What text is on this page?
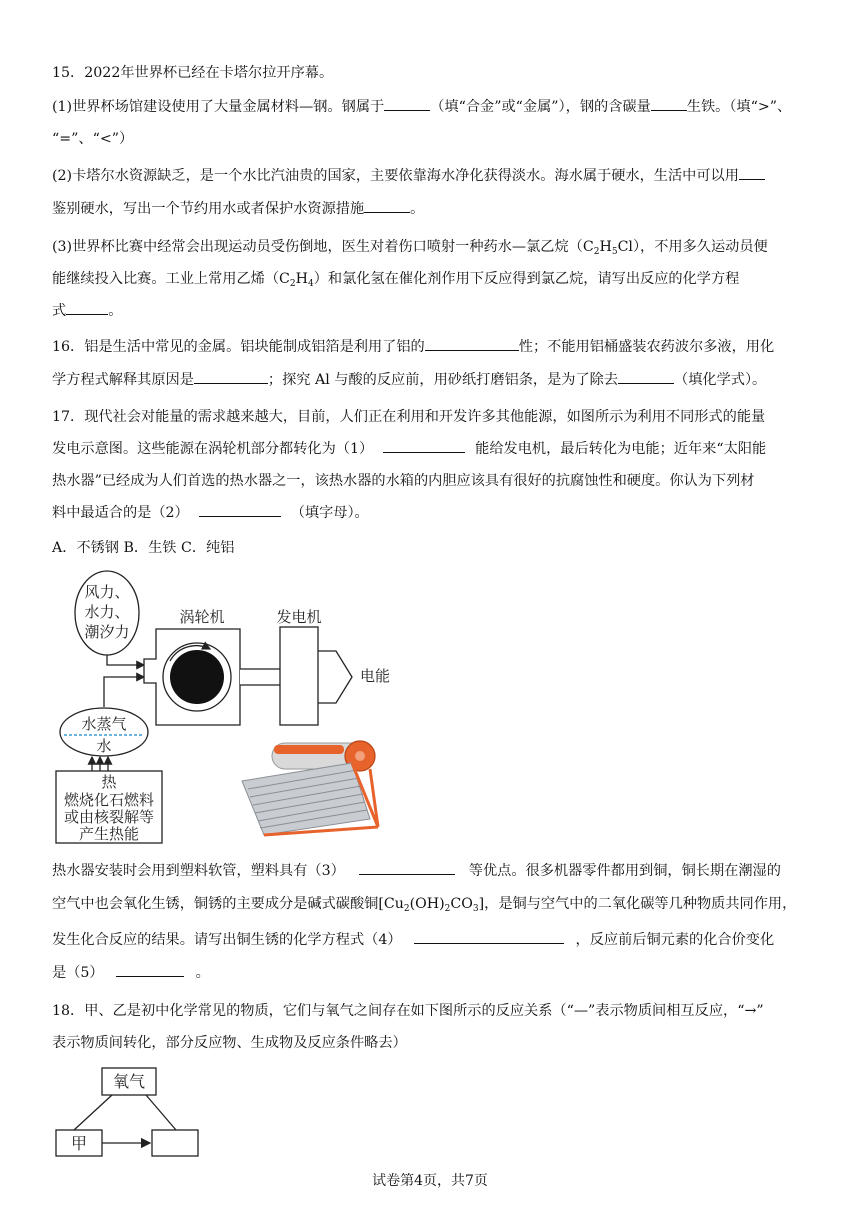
15．2022年世界杯已经在卡塔尔拉开序幕。
(1)世界杯场馆建设使用了大量金属材料—钢。钢属于	（填“合金”或“金属”），钢的含碳量	生铁。（填“>”、
“=”、“<”）
(2)卡塔尔水资源缺乏，是一个水比汽油贵的国家，主要依靠海水净化获得淡水。海水属于硬水，生活中可以用
鉴别硬水，写出一个节约用水或者保护水资源措施	。
(3)世界杯比赛中经常会出现运动员受伤倒地，医生对着伤口喷射一种药水—氯乙烷$(C_2H_5Cl)$，不用多久运动员便
能继续投入比赛。工业上常用乙烯$(C_2H_4)$和氯化氢在催化剂作用下反应得到氯乙烷，请写出反应的化学方程
式	。
16．铝是生活中常见的金属。铝块能制成铝箔是利用了铝的	性；不能用铝桶盛装农药波尔多液，用化
学方程式解释其原因是	；探究 Al 与酸的反应前，用砂纸打磨铝条，是为了除去	（填化学式）。
17．现代社会对能量的需求越来越大，目前，人们正在利用和开发许多其他能源，如图所示为利用不同形式的能量
发电示意图。这些能源在涡轮机部分都转化为（1）	能给发电机，最后转化为电能；近年来“太阳能
热水器”已经成为人们首选的热水器之一，该热水器的水箱的内胆应该具有很好的抗腐蚀性和硬度。你认为下列材
料中最适合的是（2）	（填字母）。
A．不锈钢 B．生铁 C．纯铝
风力、
水力、
潮汐力
涡轮机	发电机
电能
水蒸气
水
热
燃烧化石燃料
或由核裂解等
产生热能
热水器安装时会用到塑料软管，塑料具有（3）	等优点。很多机器零件都用到铜，铜长期在潮湿的
空气中也会氧化生锈，铜锈的主要成分是碱式碳酸铜$[Cu_2(OH)_2CO_3]$，是铜与空气中的二氧化碳等几种物质共同作用，
发生化合反应的结果。请写出铜生锈的化学方程式（4）	，反应前后铜元素的化合价变化
是（5）	。
18．甲、乙是初中化学常见的物质，它们与氧气之间存在如下图所示的反应关系（“—”表示物质间相互反应，“→”
表示物质间转化，部分反应物、生成物及反应条件略去）
氧气
甲
试卷第4页，共7页
